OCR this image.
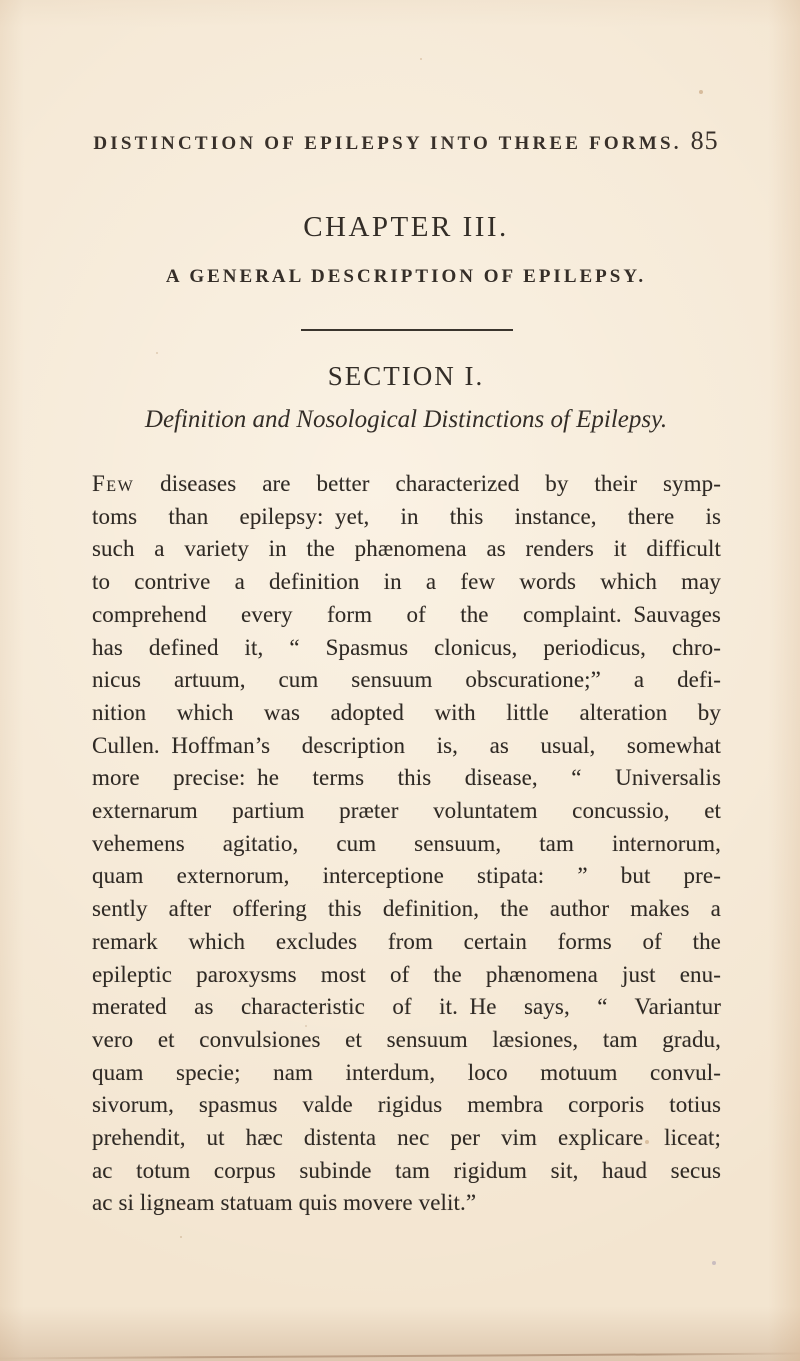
DISTINCTION OF EPILEPSY INTO THREE FORMS. 85
CHAPTER III.
A GENERAL DESCRIPTION OF EPILEPSY.
SECTION I.
Definition and Nosological Distinctions of Epilepsy.
Few diseases are better characterized by their symp-
toms than epilepsy: yet, in this instance, there is
such a variety in the phænomena as renders it difficult
to contrive a definition in a few words which may
comprehend every form of the complaint. Sauvages
has defined it, “ Spasmus clonicus, periodicus, chro-
nicus artuum, cum sensuum obscuratione;” a defi-
nition which was adopted with little alteration by
Cullen. Hoffman’s description is, as usual, somewhat
more precise: he terms this disease, “ Universalis
externarum partium præter voluntatem concussio, et
vehemens agitatio, cum sensuum, tam internorum,
quam externorum, interceptione stipata: ” but pre-
sently after offering this definition, the author makes a
remark which excludes from certain forms of the
epileptic paroxysms most of the phænomena just enu-
merated as characteristic of it. He says, “ Variantur
vero et convulsiones et sensuum læsiones, tam gradu,
quam specie; nam interdum, loco motuum convul-
sivorum, spasmus valde rigidus membra corporis totius
prehendit, ut hæc distenta nec per vim explicare liceat;
ac totum corpus subinde tam rigidum sit, haud secus
ac si ligneam statuam quis movere velit.”
